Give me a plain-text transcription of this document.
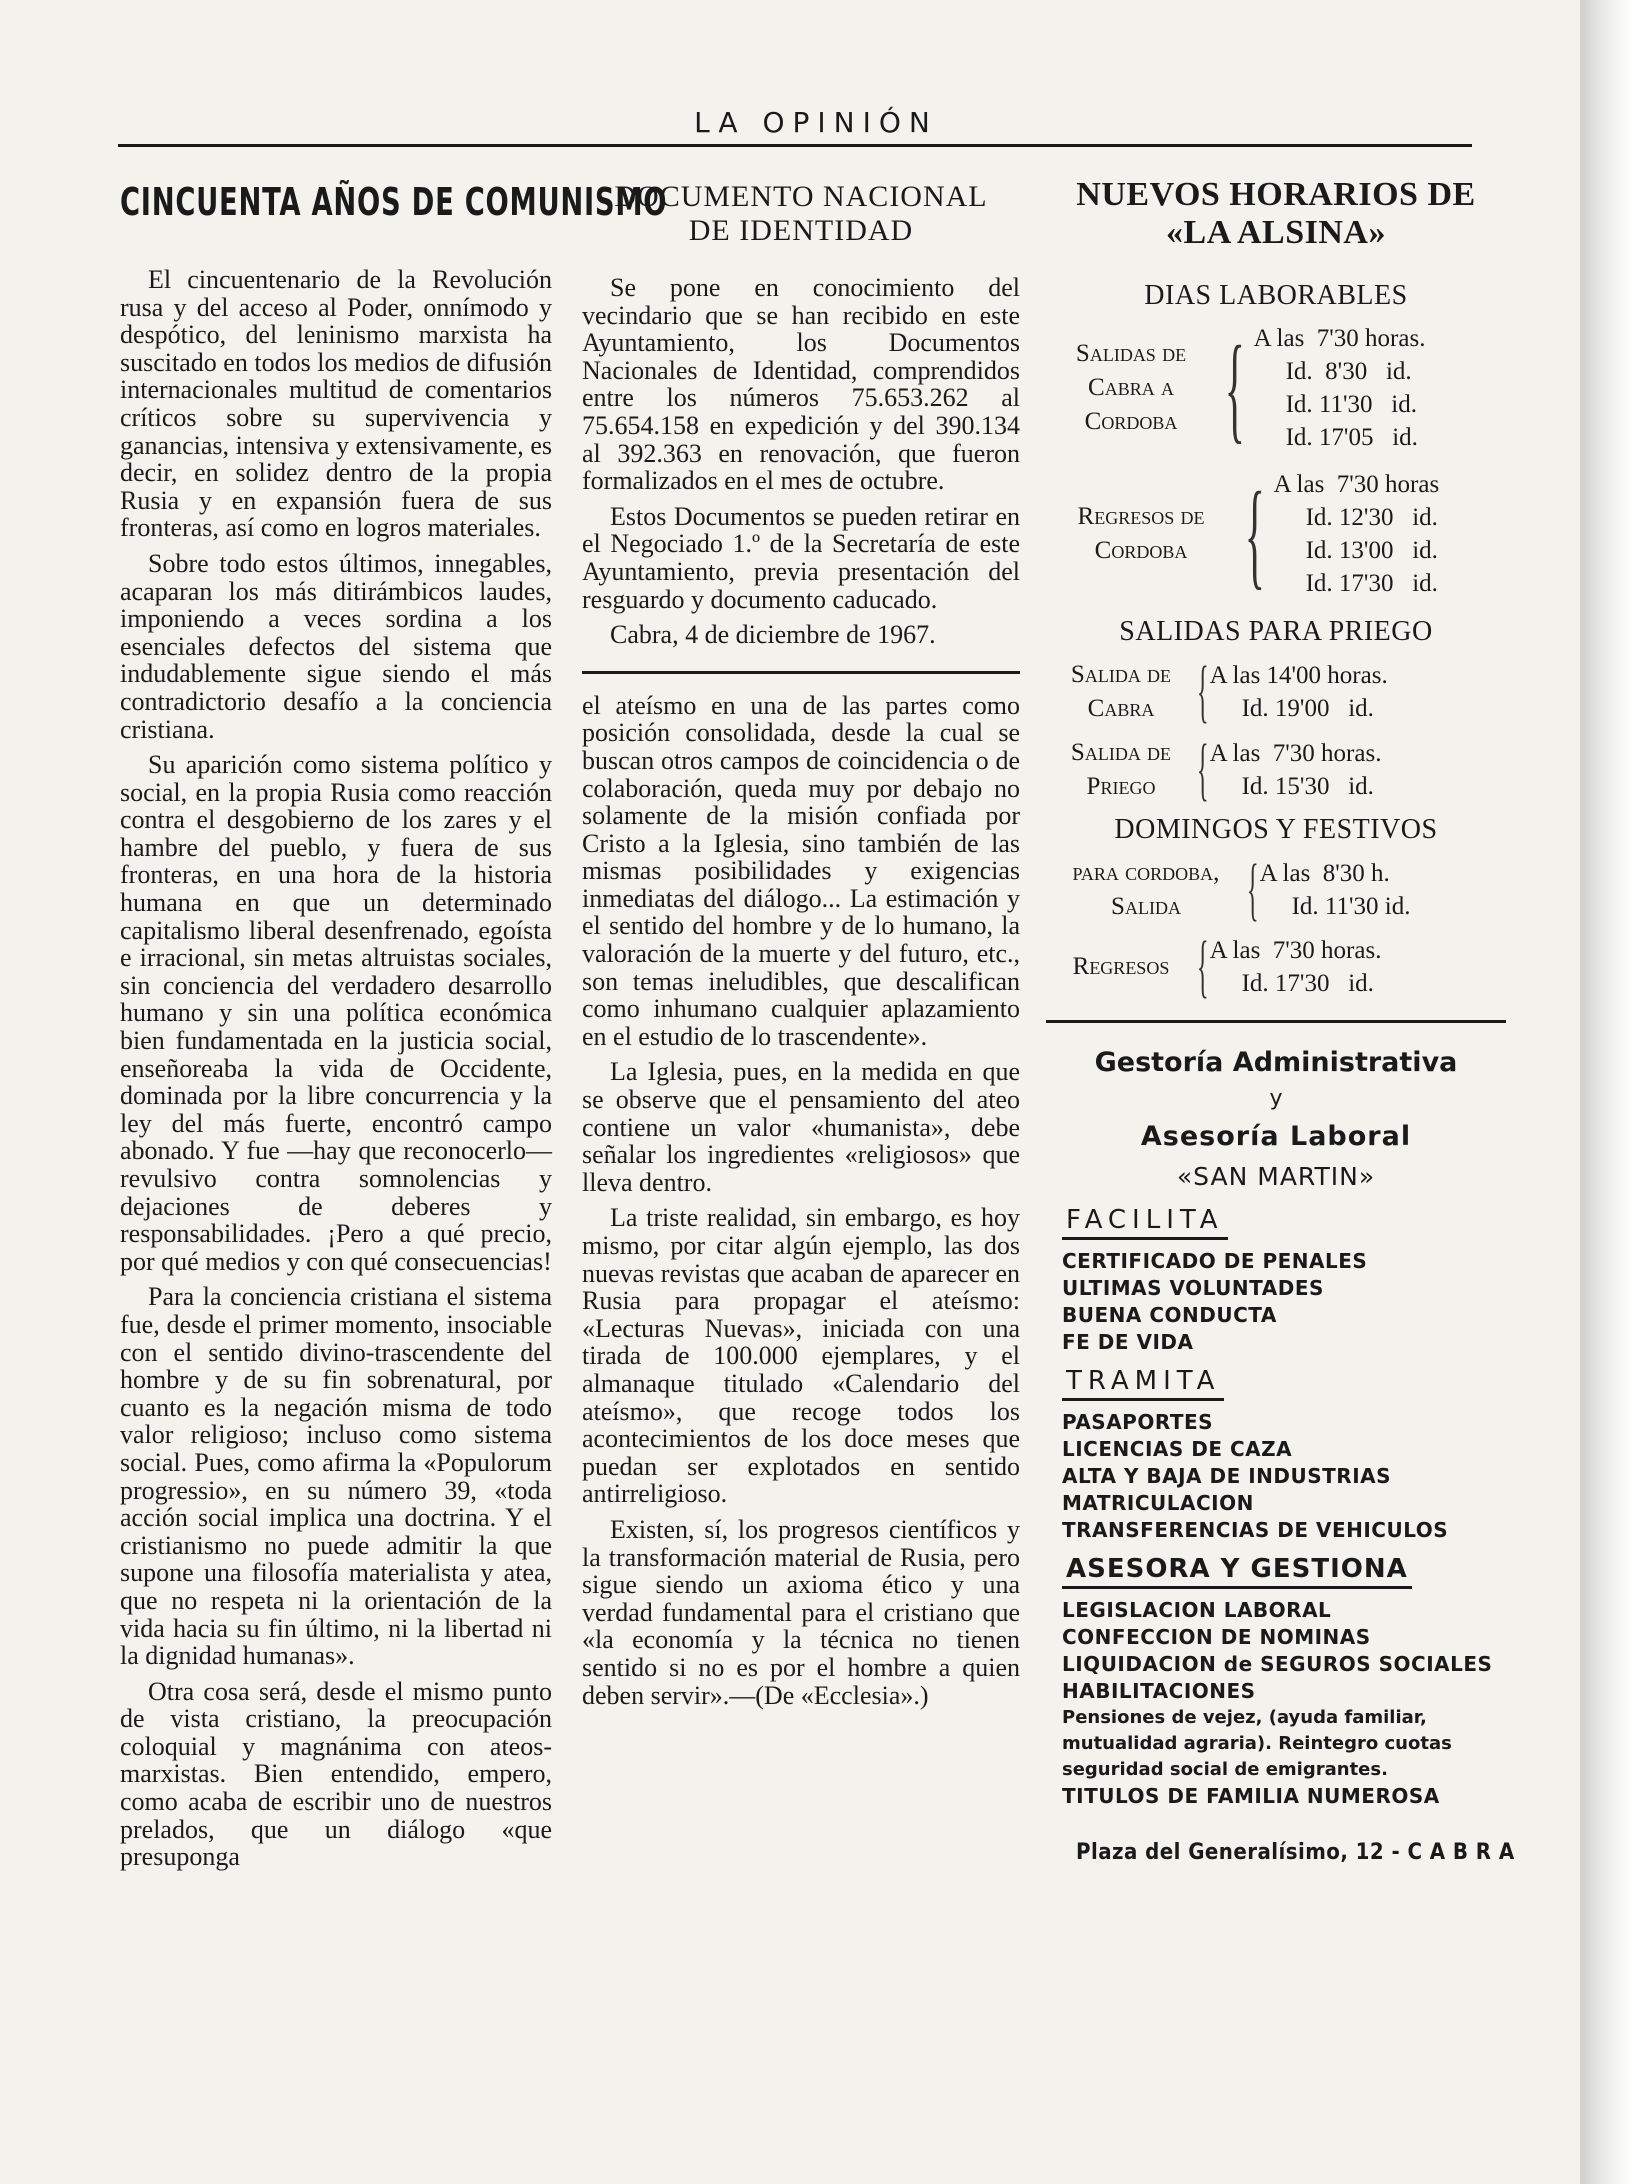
LA OPINIÓN
CINCUENTA AÑOS DE COMUNISMO

El cincuentenario de la Revolución rusa y del acceso al Poder, onnímodo y despótico, del leninismo marxista ha suscitado en todos los medios de difusión internacionales multitud de comentarios críticos sobre su supervivencia y ganancias, intensiva y extensivamente, es decir, en solidez dentro de la propia Rusia y en expansión fuera de sus fronteras, así como en logros materiales.

Sobre todo estos últimos, innegables, acaparan los más ditirámbicos laudes, imponiendo a veces sordina a los esenciales defectos del sistema que indudablemente sigue siendo el más contradictorio desafío a la conciencia cristiana.

Su aparición como sistema político y social, en la propia Rusia como reacción contra el desgobierno de los zares y el hambre del pueblo, y fuera de sus fronteras, en una hora de la historia humana en que un determinado capitalismo liberal desenfrenado, egoísta e irracional, sin metas altruistas sociales, sin conciencia del verdadero desarrollo humano y sin una política económica bien fundamentada en la justicia social, enseñoreaba la vida de Occidente, dominada por la libre concurrencia y la ley del más fuerte, encontró campo abonado. Y fue —hay que reconocerlo— revulsivo contra somnolencias y dejaciones de deberes y responsabilidades. ¡Pero a qué precio, por qué medios y con qué consecuencias!

Para la conciencia cristiana el sistema fue, desde el primer momento, insociable con el sentido divino-trascendente del hombre y de su fin sobrenatural, por cuanto es la negación misma de todo valor religioso; incluso como sistema social. Pues, como afirma la «Populorum progressio», en su número 39, «toda acción social implica una doctrina. Y el cristianismo no puede admitir la que supone una filosofía materialista y atea, que no respeta ni la orientación de la vida hacia su fin último, ni la libertad ni la dignidad humanas».

Otra cosa será, desde el mismo punto de vista cristiano, la preocupación coloquial y magnánima con ateos-marxistas. Bien entendido, empero, como acaba de escribir uno de nuestros prelados, que un diálogo «que presuponga

DOCUMENTO NACIONAL
DE IDENTIDAD

Se pone en conocimiento del vecindario que se han recibido en este Ayuntamiento, los Documentos Nacionales de Identidad, comprendidos entre los números 75.653.262 al 75.654.158 en expedición y del 390.134 al 392.363 en renovación, que fueron formalizados en el mes de octubre.

Estos Documentos se pueden retirar en el Negociado 1.º de la Secretaría de este Ayuntamiento, previa presentación del resguardo y documento caducado.

Cabra, 4 de diciembre de 1967.

el ateísmo en una de las partes como posición consolidada, desde la cual se buscan otros campos de coincidencia o de colaboración, queda muy por debajo no solamente de la misión confiada por Cristo a la Iglesia, sino también de las mismas posibilidades y exigencias inmediatas del diálogo... La estimación y el sentido del hombre y de lo humano, la valoración de la muerte y del futuro, etc., son temas ineludibles, que descalifican como inhumano cualquier aplazamiento en el estudio de lo trascendente».

La Iglesia, pues, en la medida en que se observe que el pensamiento del ateo contiene un valor «humanista», debe señalar los ingredientes «religiosos» que lleva dentro.

La triste realidad, sin embargo, es hoy mismo, por citar algún ejemplo, las dos nuevas revistas que acaban de aparecer en Rusia para propagar el ateísmo: «Lecturas Nuevas», iniciada con una tirada de 100.000 ejemplares, y el almanaque titulado «Calendario del ateísmo», que recoge todos los acontecimientos de los doce meses que puedan ser explotados en sentido antirreligioso.

Existen, sí, los progresos científicos y la transformación material de Rusia, pero sigue siendo un axioma ético y una verdad fundamental para el cristiano que «la economía y la técnica no tienen sentido si no es por el hombre a quien deben servir».—(De «Ecclesia».)

NUEVOS HORARIOS DE
«LA ALSINA»
DIAS LABORABLES
Salidas de
Cabra a
Cordoba { A las  7'30 horas.
Id.  8'30   id.
Id. 11'30   id.
Id. 17'05   id.
Regresos de
Cordoba { A las  7'30 horas
Id. 12'30   id.
Id. 13'00   id.
Id. 17'30   id.
SALIDAS PARA PRIEGO
Salida de
Cabra { A las 14'00 horas.
Id. 19'00   id.
Salida de
Priego { A las  7'30 horas.
Id. 15'30   id.
DOMINGOS Y FESTIVOS
para cordoba,
Salida { A las  8'30 h.
Id. 11'30 id.
Regresos { A las  7'30 horas.
Id. 17'30   id.
Gestoría Administrativa
y
Asesoría Laboral
«SAN MARTIN»
FACILITA
CERTIFICADO DE PENALES
ULTIMAS VOLUNTADES
BUENA CONDUCTA
FE DE VIDA
TRAMITA
PASAPORTES
LICENCIAS DE CAZA
ALTA Y BAJA DE INDUSTRIAS
MATRICULACION
TRANSFERENCIAS DE VEHICULOS
ASESORA Y GESTIONA
LEGISLACION LABORAL
CONFECCION DE NOMINAS
LIQUIDACION de SEGUROS SOCIALES
HABILITACIONES
Pensiones de vejez, (ayuda familiar, mutualidad agraria). Reintegro cuotas seguridad social de emigrantes.
TITULOS DE FAMILIA NUMEROSA
Plaza del Generalísimo, 12 - C A B R A
